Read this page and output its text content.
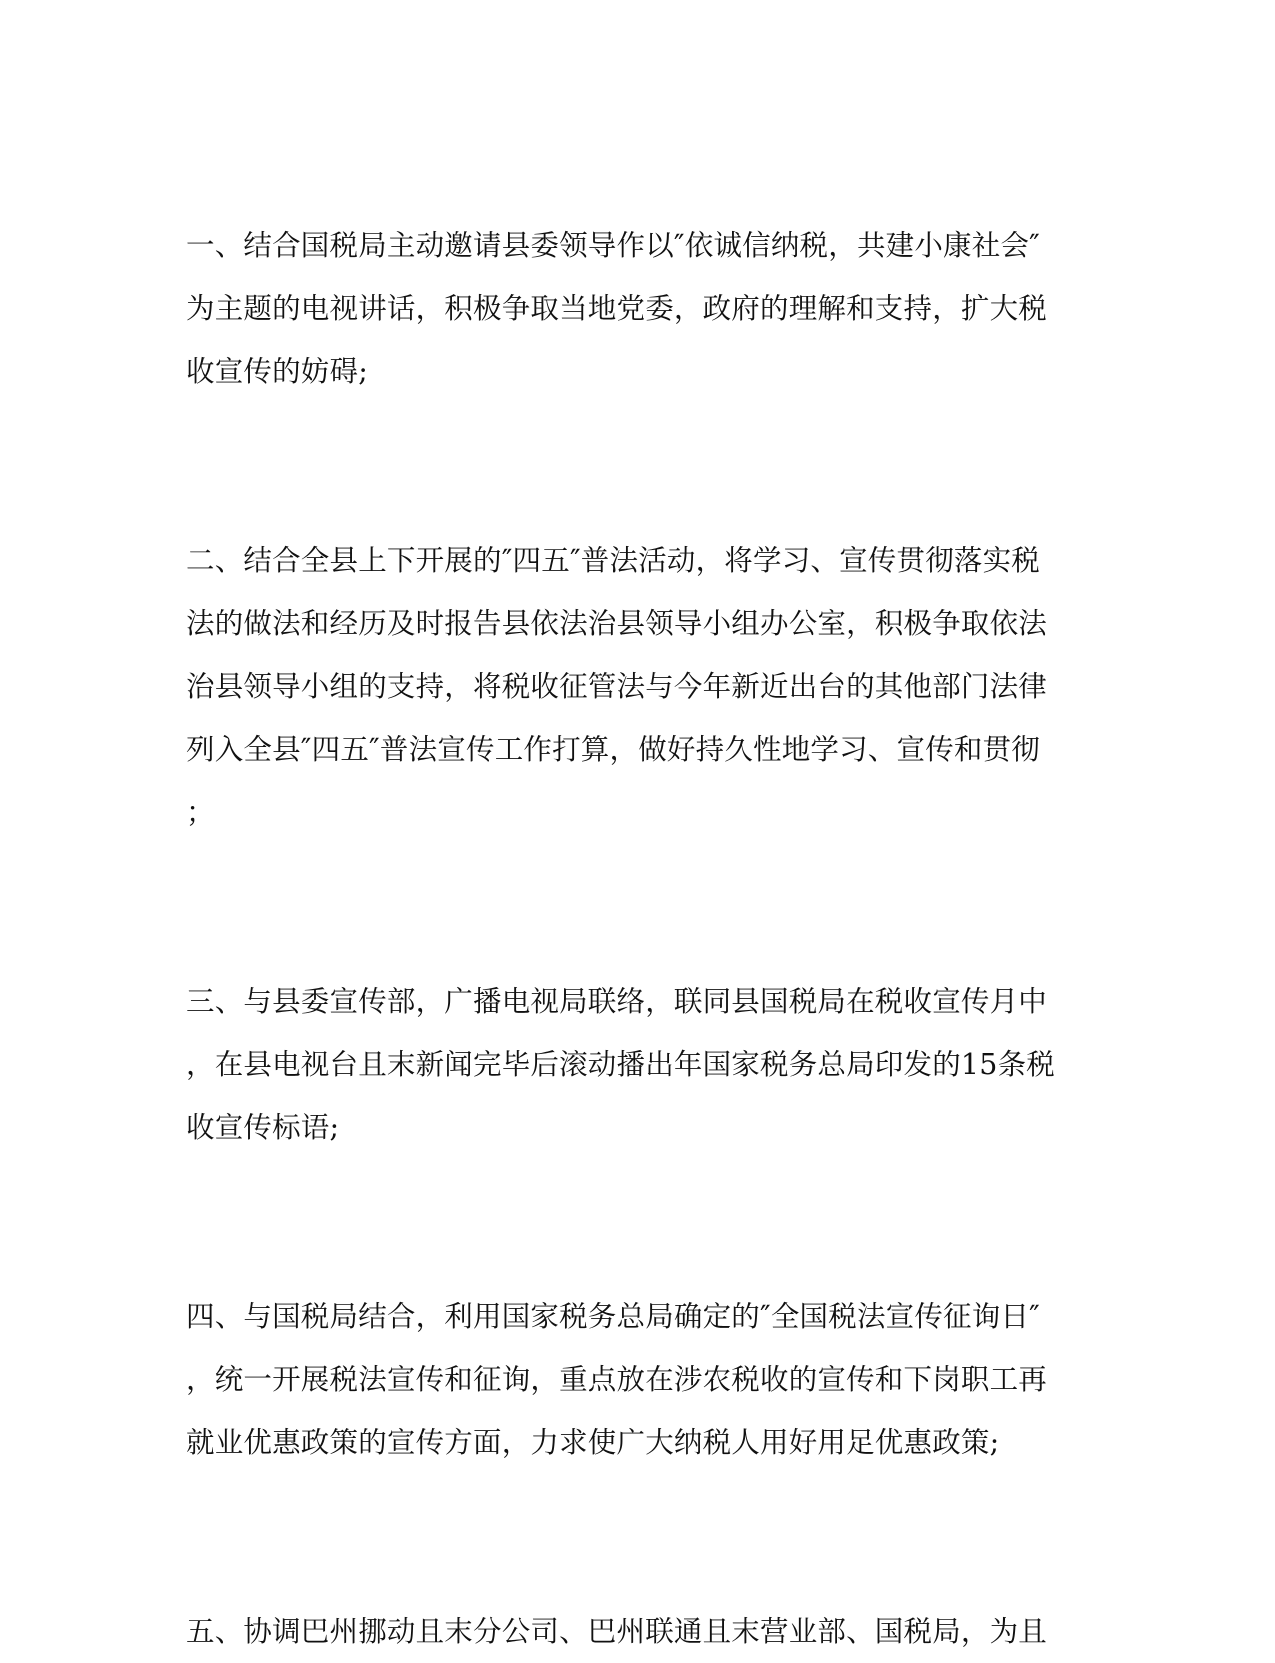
一、结合国税局主动邀请县委领导作以″依诚信纳税，共建小康社会″
为主题的电视讲话，积极争取当地党委，政府的理解和支持，扩大税
收宣传的妨碍;
二、结合全县上下开展的″四五″普法活动，将学习、宣传贯彻落实税
法的做法和经历及时报告县依法治县领导小组办公室，积极争取依法
治县领导小组的支持，将税收征管法与今年新近出台的其他部门法律
列入全县″四五″普法宣传工作打算，做好持久性地学习、宣传和贯彻
；
三、与县委宣传部，广播电视局联络，联同县国税局在税收宣传月中
，在县电视台且末新闻完毕后滚动播出年国家税务总局印发的15条税
收宣传标语;
四、与国税局结合，利用国家税务总局确定的″全国税法宣传征询日″
，统一开展税法宣传和征询，重点放在涉农税收的宣传和下岗职工再
就业优惠政策的宣传方面，力求使广大纳税人用好用足优惠政策;
五、协调巴州挪动且末分公司、巴州联通且末营业部、国税局，为且
